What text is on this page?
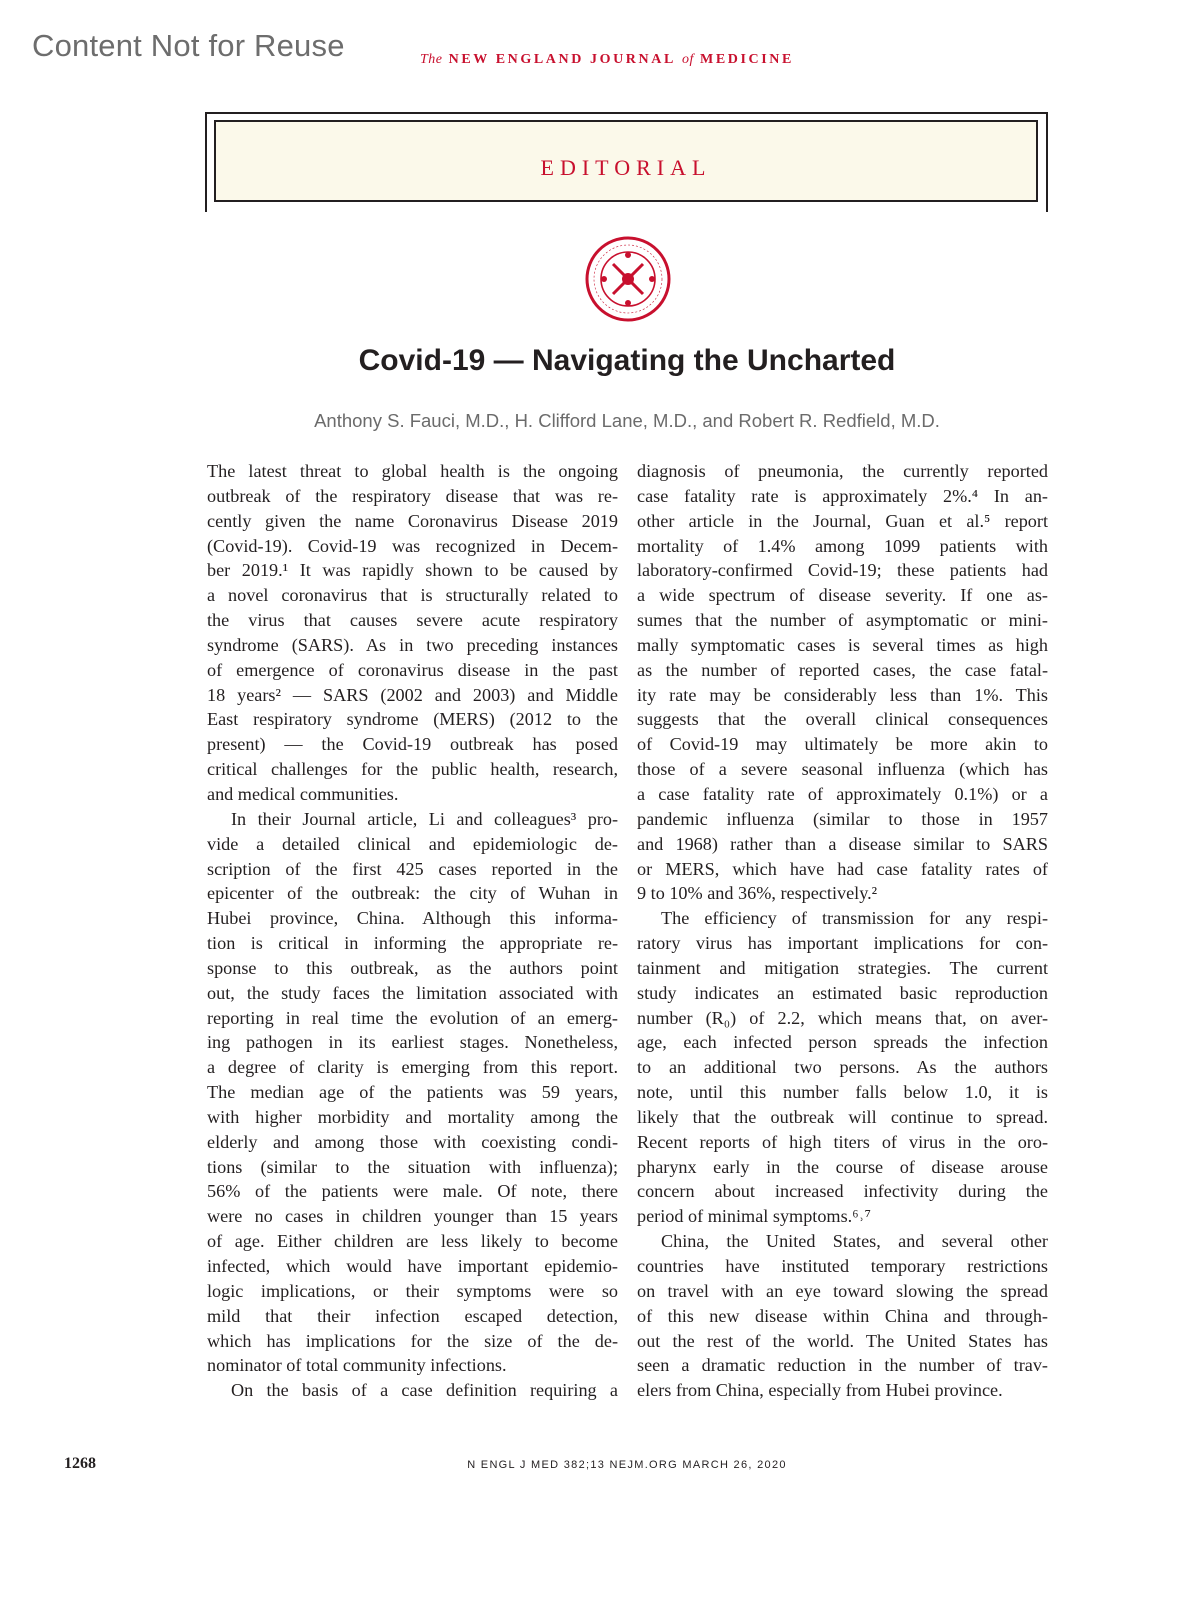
Content Not for Reuse	The NEW ENGLAND JOURNAL of MEDICINE
EDITORIAL
Covid-19 — Navigating the Uncharted
Anthony S. Fauci, M.D., H. Clifford Lane, M.D., and Robert R. Redfield, M.D.
The latest threat to global health is the ongoing
outbreak of the respiratory disease that was re-
cently given the name Coronavirus Disease 2019
(Covid-19). Covid-19 was recognized in Decem-
ber 2019.¹ It was rapidly shown to be caused by
a novel coronavirus that is structurally related to
the virus that causes severe acute respiratory
syndrome (SARS). As in two preceding instances
of emergence of coronavirus disease in the past
18 years² — SARS (2002 and 2003) and Middle
East respiratory syndrome (MERS) (2012 to the
present) — the Covid-19 outbreak has posed
critical challenges for the public health, research,
and medical communities.
In their Journal article, Li and colleagues³ pro-
vide a detailed clinical and epidemiologic de-
scription of the first 425 cases reported in the
epicenter of the outbreak: the city of Wuhan in
Hubei province, China. Although this informa-
tion is critical in informing the appropriate re-
sponse to this outbreak, as the authors point
out, the study faces the limitation associated with
reporting in real time the evolution of an emerg-
ing pathogen in its earliest stages. Nonetheless,
a degree of clarity is emerging from this report.
The median age of the patients was 59 years,
with higher morbidity and mortality among the
elderly and among those with coexisting condi-
tions (similar to the situation with influenza);
56% of the patients were male. Of note, there
were no cases in children younger than 15 years
of age. Either children are less likely to become
infected, which would have important epidemio-
logic implications, or their symptoms were so
mild that their infection escaped detection,
which has implications for the size of the de-
nominator of total community infections.
On the basis of a case definition requiring a
diagnosis of pneumonia, the currently reported
case fatality rate is approximately 2%.⁴ In an-
other article in the Journal, Guan et al.⁵ report
mortality of 1.4% among 1099 patients with
laboratory-confirmed Covid-19; these patients had
a wide spectrum of disease severity. If one as-
sumes that the number of asymptomatic or mini-
mally symptomatic cases is several times as high
as the number of reported cases, the case fatal-
ity rate may be considerably less than 1%. This
suggests that the overall clinical consequences
of Covid-19 may ultimately be more akin to
those of a severe seasonal influenza (which has
a case fatality rate of approximately 0.1%) or a
pandemic influenza (similar to those in 1957
and 1968) rather than a disease similar to SARS
or MERS, which have had case fatality rates of
9 to 10% and 36%, respectively.²
The efficiency of transmission for any respi-
ratory virus has important implications for con-
tainment and mitigation strategies. The current
study indicates an estimated basic reproduction
number (R₀) of 2.2, which means that, on aver-
age, each infected person spreads the infection
to an additional two persons. As the authors
note, until this number falls below 1.0, it is
likely that the outbreak will continue to spread.
Recent reports of high titers of virus in the oro-
pharynx early in the course of disease arouse
concern about increased infectivity during the
period of minimal symptoms.⁶˒⁷
China, the United States, and several other
countries have instituted temporary restrictions
on travel with an eye toward slowing the spread
of this new disease within China and through-
out the rest of the world. The United States has
seen a dramatic reduction in the number of trav-
elers from China, especially from Hubei province.
1268	N ENGL J MED 382;13 NEJM.ORG MARCH 26, 2020
